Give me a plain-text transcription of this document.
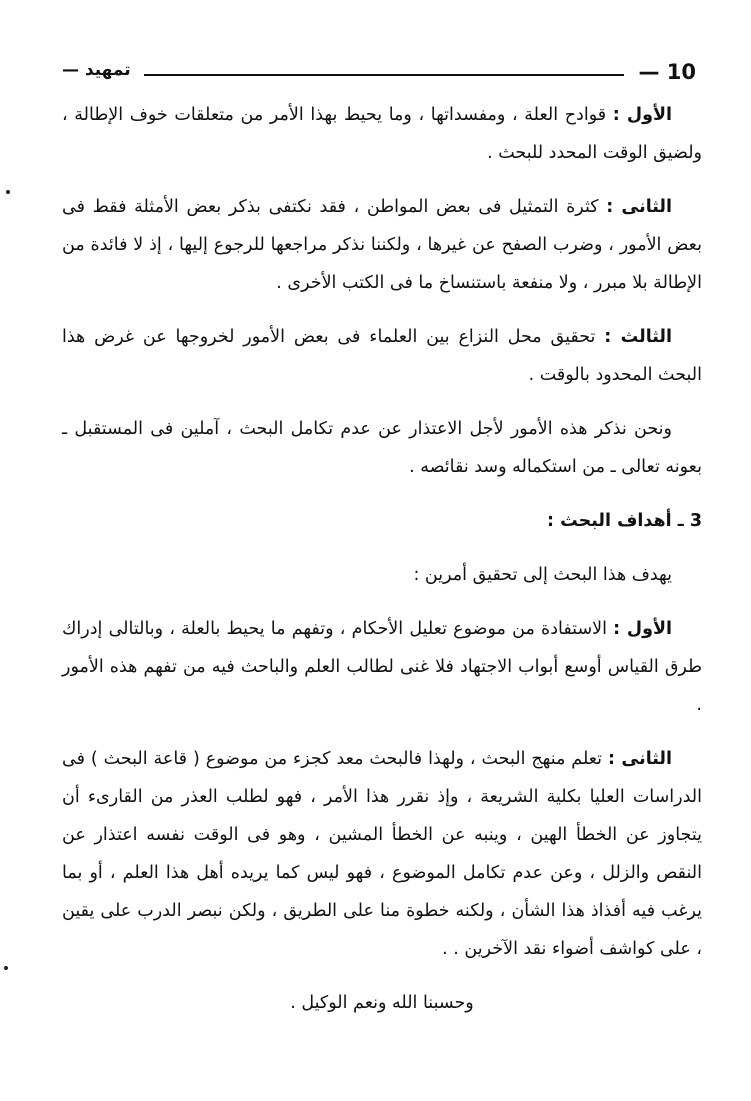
— 10
تمهيد —

الأول : قوادح العلة ، ومفسداتها ، وما يحيط بهذا الأمر من متعلقات خوف الإطالة ، ولضيق الوقت المحدد للبحث .

الثانى : كثرة التمثيل فى بعض المواطن ، فقد نكتفى بذكر بعض الأمثلة فقط فى بعض الأمور ، وضرب الصفح عن غيرها ، ولكننا نذكر مراجعها للرجوع إليها ، إذ لا فائدة من الإطالة بلا مبرر ، ولا منفعة باستنساخ ما فى الكتب الأخرى .

الثالث : تحقيق محل النزاع بين العلماء فى بعض الأمور لخروجها عن غرض هذا البحث المحدود بالوقت .

ونحن نذكر هذه الأمور لأجل الاعتذار عن عدم تكامل البحث ، آملين فى المستقبل ـ بعونه تعالى ـ من استكماله وسد نقائصه .

3 ـ أهداف البحث :

يهدف هذا البحث إلى تحقيق أمرين :

الأول : الاستفادة من موضوع تعليل الأحكام ، وتفهم ما يحيط بالعلة ، وبالتالى إدراك طرق القياس أوسع أبواب الاجتهاد فلا غنى لطالب العلم والباحث فيه من تفهم هذه الأمور .

الثانى : تعلم منهج البحث ، ولهذا فالبحث معد كجزء من موضوع ( قاعة البحث ) فى الدراسات العليا بكلية الشريعة ، وإذ نقرر هذا الأمر ، فهو لطلب العذر من القارىء أن يتجاوز عن الخطأ الهين ، وينبه عن الخطأ المشين ، وهو فى الوقت نفسه اعتذار عن النقص والزلل ، وعن عدم تكامل الموضوع ، فهو ليس كما يريده أهل هذا العلم ، أو بما يرغب فيه أفذاذ هذا الشأن ، ولكنه خطوة منا على الطريق ، ولكن نبصر الدرب على يقين ، على كواشف أضواء نقد الآخرين . .

وحسبنا الله ونعم الوكيل .
